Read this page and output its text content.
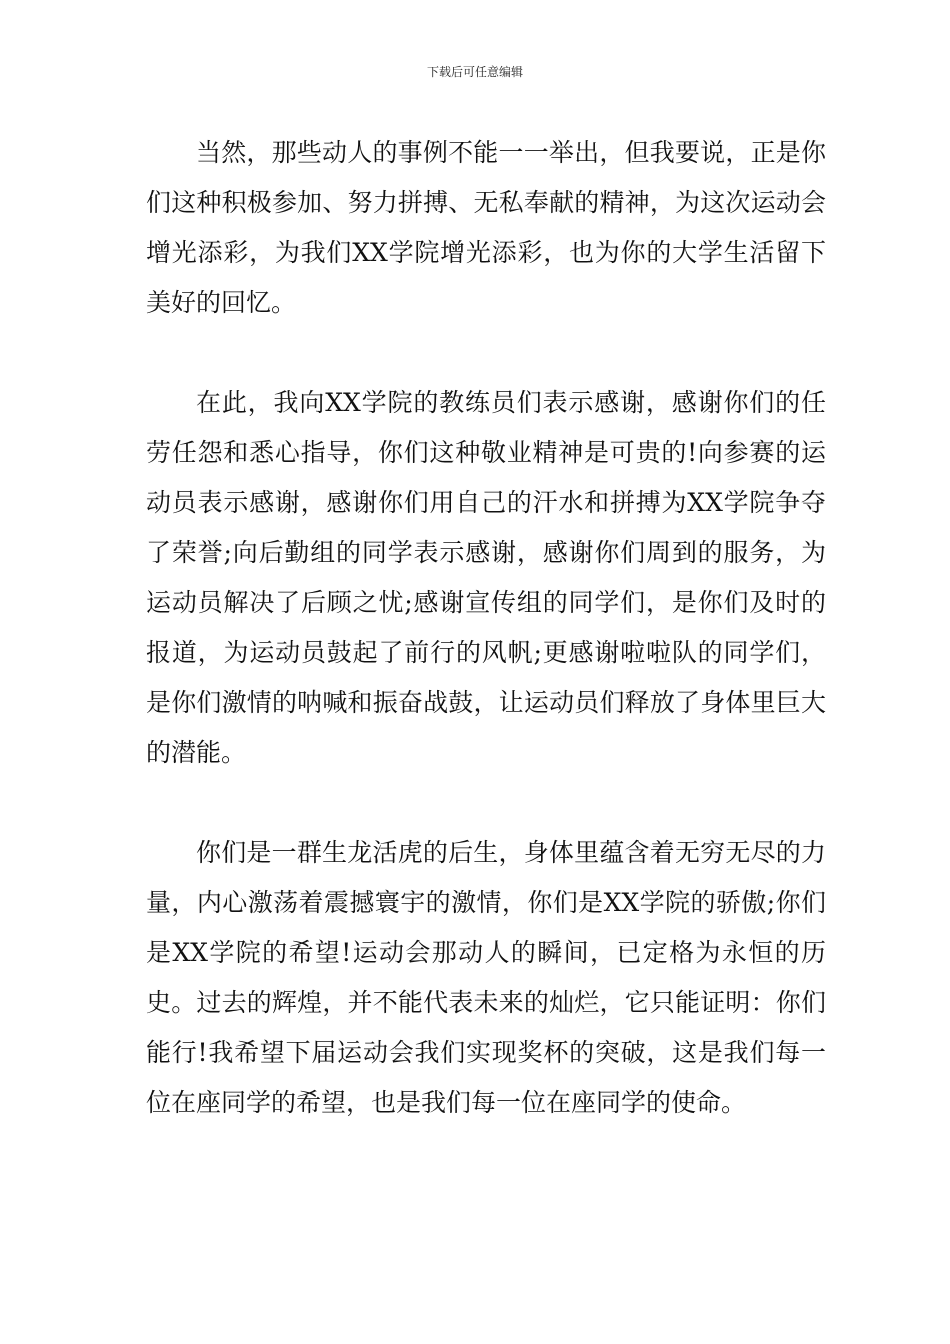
下载后可任意编辑

当然，那些动人的事例不能一一举出，但我要说，正是你们这种积极参加、努力拼搏、无私奉献的精神，为这次运动会增光添彩，为我们XX学院增光添彩，也为你的大学生活留下美好的回忆。

在此，我向XX学院的教练员们表示感谢，感谢你们的任劳任怨和悉心指导，你们这种敬业精神是可贵的!向参赛的运动员表示感谢，感谢你们用自己的汗水和拼搏为XX学院争夺了荣誉;向后勤组的同学表示感谢，感谢你们周到的服务，为运动员解决了后顾之忧;感谢宣传组的同学们，是你们及时的报道，为运动员鼓起了前行的风帆;更感谢啦啦队的同学们，是你们激情的呐喊和振奋战鼓，让运动员们释放了身体里巨大的潜能。

你们是一群生龙活虎的后生，身体里蕴含着无穷无尽的力量，内心激荡着震撼寰宇的激情，你们是XX学院的骄傲;你们是XX学院的希望!运动会那动人的瞬间，已定格为永恒的历史。过去的辉煌，并不能代表未来的灿烂，它只能证明：你们能行!我希望下届运动会我们实现奖杯的突破，这是我们每一位在座同学的希望，也是我们每一位在座同学的使命。
